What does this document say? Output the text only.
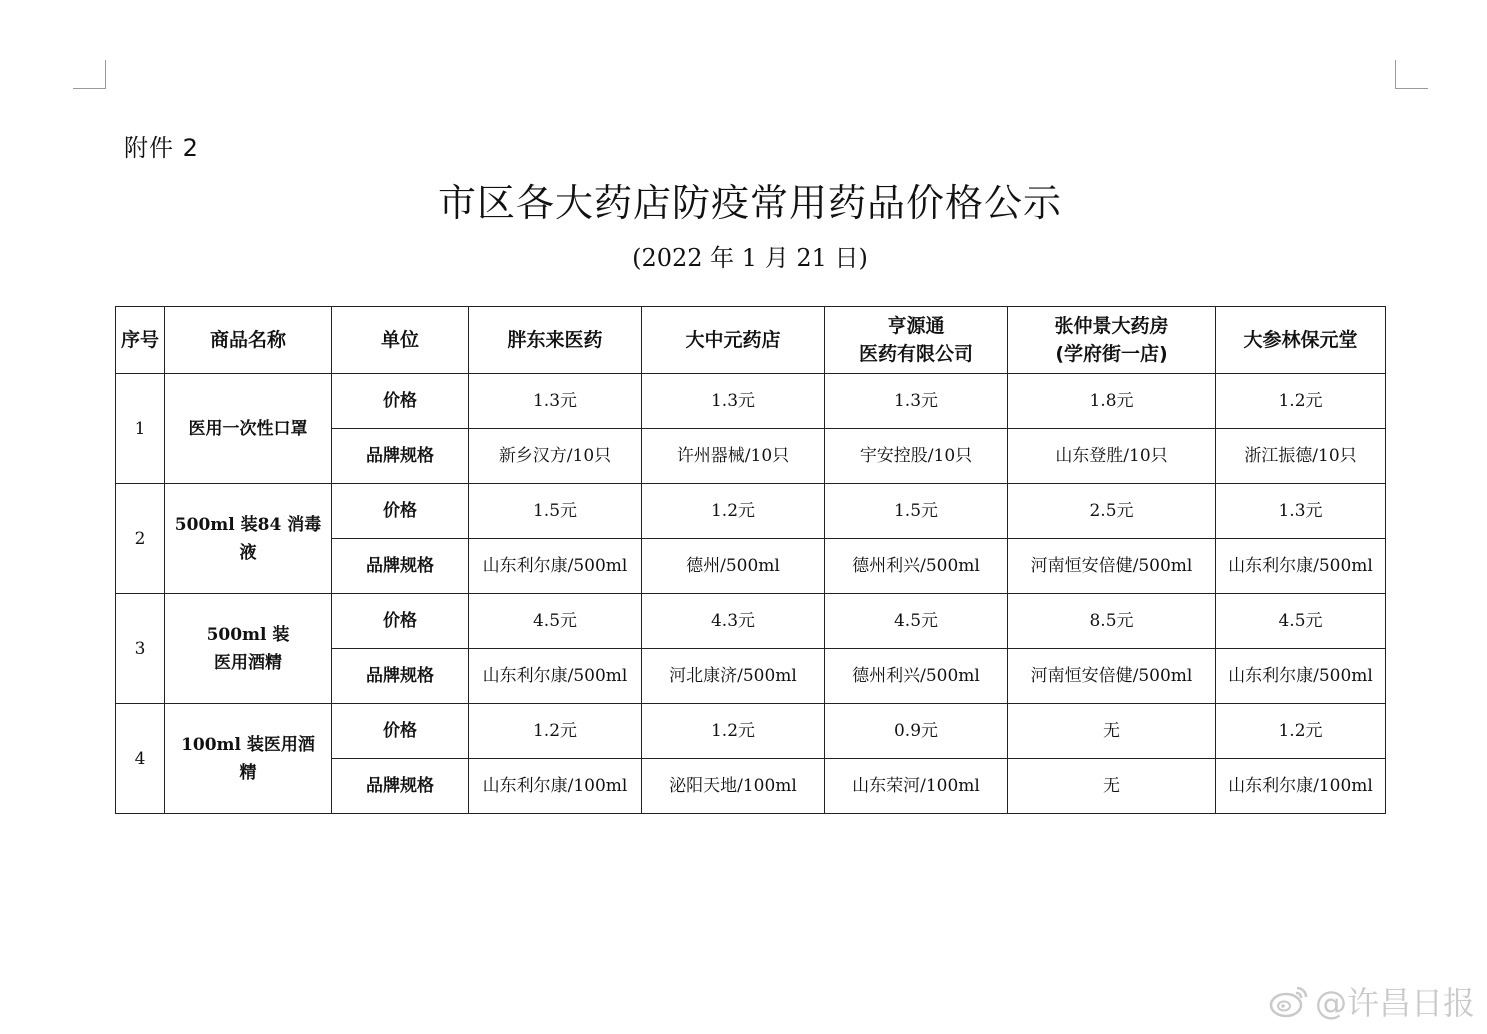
附件 2
市区各大药店防疫常用药品价格公示
(2022 年 1 月 21 日)
序号	商品名称	单位	胖东来医药	大中元药店	亨源通
医药有限公司	张仲景大药房
(学府街一店)	大参林保元堂
1	医用一次性口罩	价格	1.3元	1.3元	1.3元	1.8元	1.2元
		品牌规格	新乡汉方/10只	许州器械/10只	宇安控股/10只	山东登胜/10只	浙江振德/10只
2	500ml 装84 消毒
液	价格	1.5元	1.2元	1.5元	2.5元	1.3元
		品牌规格	山东利尔康/500ml	德州/500ml	德州利兴/500ml	河南恒安倍健/500ml	山东利尔康/500ml
3	500ml 装
医用酒精	价格	4.5元	4.3元	4.5元	8.5元	4.5元
		品牌规格	山东利尔康/500ml	河北康济/500ml	德州利兴/500ml	河南恒安倍健/500ml	山东利尔康/500ml
4	100ml 装医用酒
精	价格	1.2元	1.2元	0.9元	无	1.2元
		品牌规格	山东利尔康/100ml	泌阳天地/100ml	山东荣河/100ml	无	山东利尔康/100ml
@许昌日报
